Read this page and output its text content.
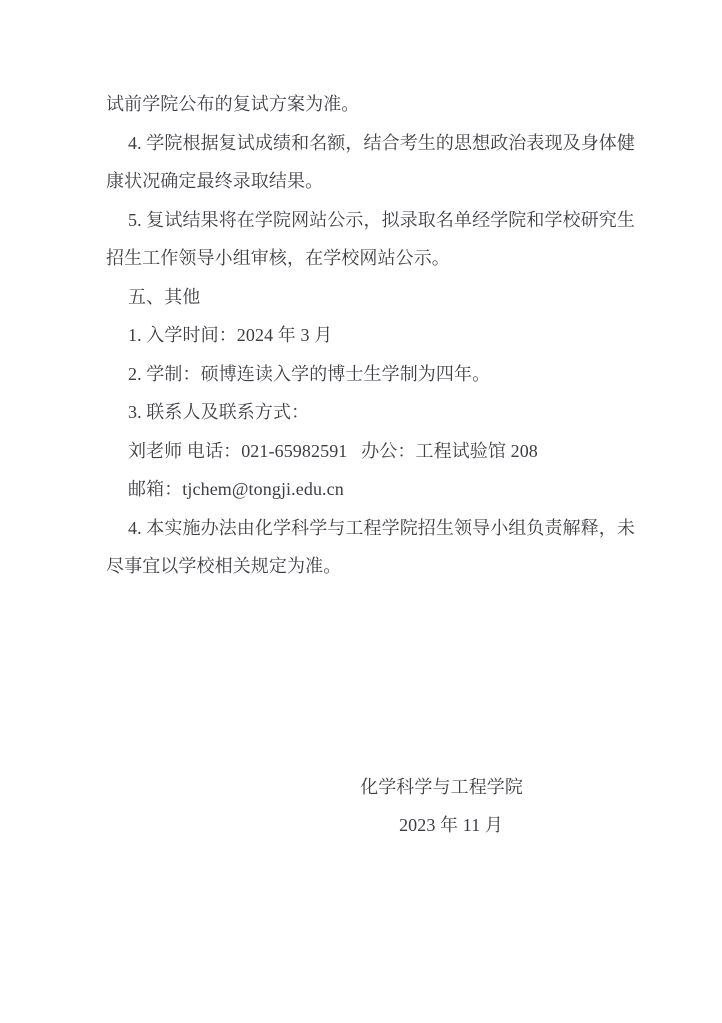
试前学院公布的复试方案为准。
4. 学院根据复试成绩和名额，结合考生的思想政治表现及身体健
康状况确定最终录取结果。
5. 复试结果将在学院网站公示，拟录取名单经学院和学校研究生
招生工作领导小组审核，在学校网站公示。
五、其他
1. 入学时间：2024 年 3 月
2. 学制：硕博连读入学的博士生学制为四年。
3. 联系人及联系方式：
刘老师 电话：021-65982591   办公：工程试验馆 208
邮箱：tjchem@tongji.edu.cn
4. 本实施办法由化学科学与工程学院招生领导小组负责解释，未
尽事宜以学校相关规定为准。
化学科学与工程学院
2023 年 11 月
